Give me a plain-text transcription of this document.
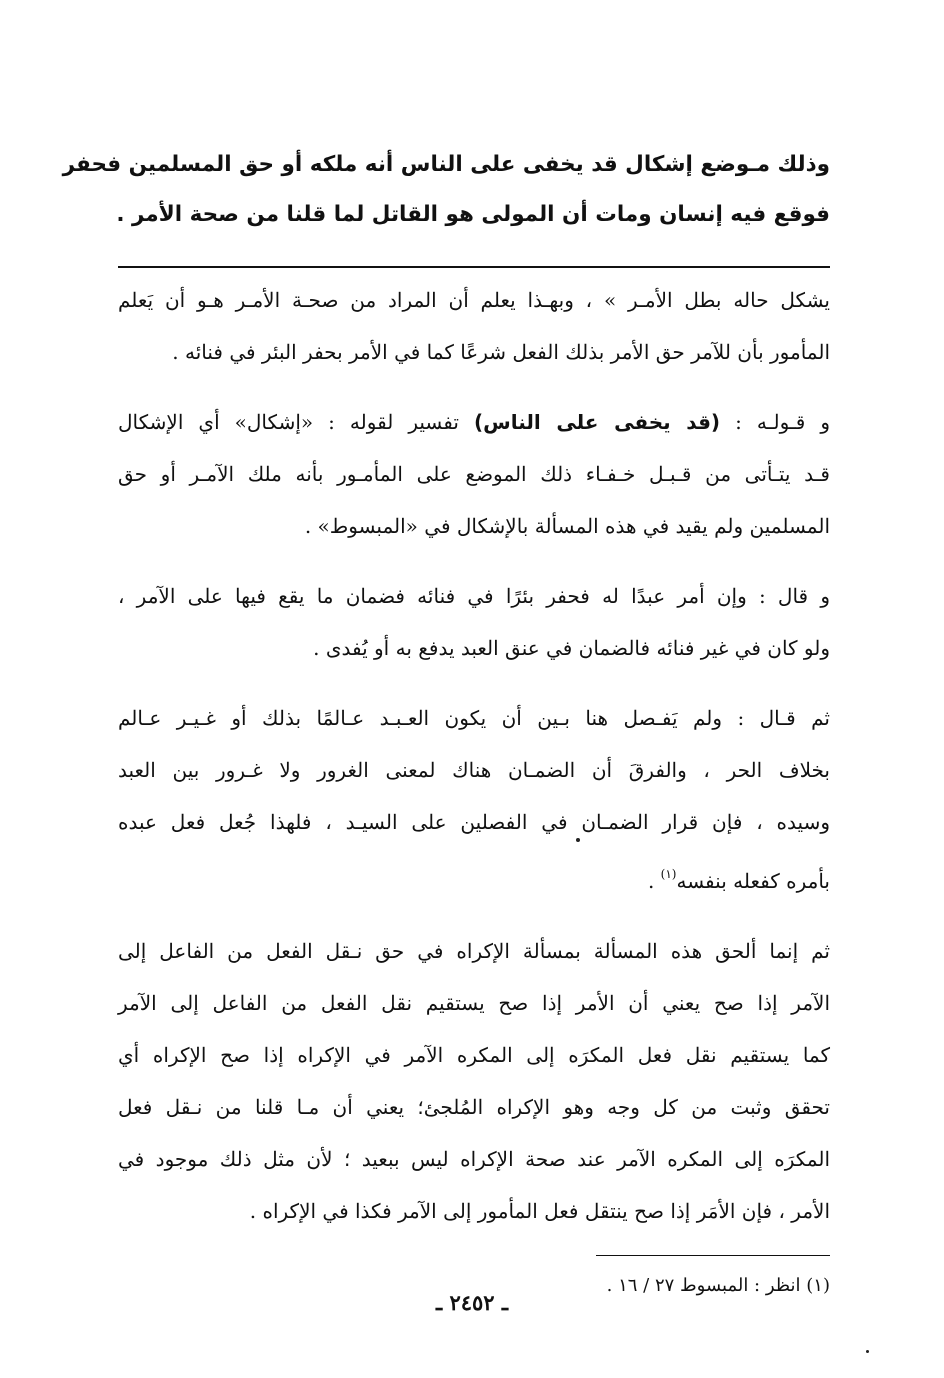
وذلك مـوضع إشكال قد يخفى على الناس أنه ملكه أو حق المسلمين فحفر
فوقع فيه إنسان ومات أن المولى هو القاتل لما قلنا من صحة الأمر .

يشكل حاله بطل الأمـر » ، وبهـذا يعلم أن المراد من صحـة الأمـر هـو أن يَعلم
المأمور بأن للآمر حق الأمر بذلك الفعل شرعًا كما في الأمر بحفر البئر في فنائه .

و قـولـه : (قد يخفى على الناس) تفسير لقوله : «إشكال» أي الإشكال
قـد يتـأتى من قـبـل خـفـاء ذلك الموضع على المأمـور بأنه ملك الآمـر أو حق
المسلمين ولم يقيد في هذه المسألة بالإشكال في «المبسوط» .

و قال : وإن أمر عبدًا له فحفر بئرًا في فنائه فضمان ما يقع فيها على الآمر ،
ولو كان في غير فنائه فالضمان في عنق العبد يدفع به أو يُفدى .

ثم قـال : ولم يَفـصل هنا بـين أن يكون العـبـد عـالمًا بذلك أو غـيـر عـالم
بخلاف الحر ، والفرقَ أن الضمـان هناك لمعنى الغرور ولا غـرور بين العبد
وسيده ، فإن قرار الضمـان في الفصلين على السيـد ، فلهذا جُعل فعل عبده
بأمره كفعله بنفسه$^{(١)}$ .

ثم إنما ألحق هذه المسألة بمسألة الإكراه في حق نـقل الفعل من الفاعل إلى
الآمر إذا صح يعني أن الأمر إذا صح يستقيم نقل الفعل من الفاعل إلى الآمر
كما يستقيم نقل فعل المكرَه إلى المكره الآمر في الإكراه إذا صح الإكراه أي
تحقق وثبت من كل وجه وهو الإكراه المُلجئ؛ يعني أن مـا قلنا من نـقل فعل
المكرَه إلى المكره الآمر عند صحة الإكراه ليس ببعيد ؛ لأن مثل ذلك موجود في
الأمر ، فإن الأمَر إذا صح ينتقل فعل المأمور إلى الآمر فكذا في الإكراه .

(١) انظر : المبسوط ٢٧ / ١٦ .
ـ ٢٤٥٢ ـ
